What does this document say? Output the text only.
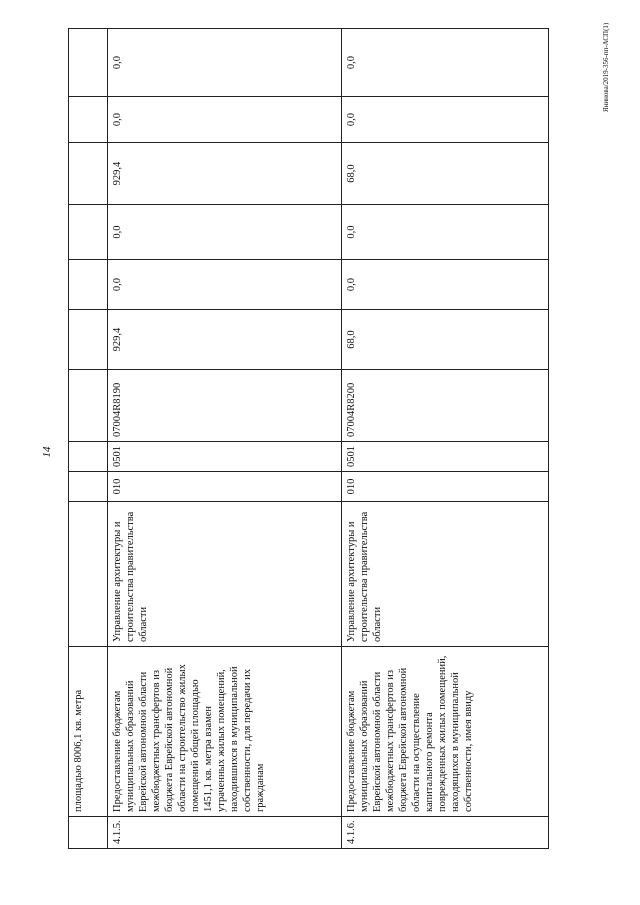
14
Янинова/2019-356-пп-АСП(1)
	площадью 8006,1 кв. метра										
4.1.5.	Предоставление бюджетам муниципальных образований Еврейской автономной области межбюджетных трансфертов из бюджета Еврейской автономной области на строительство жилых помещений общей площадью 1451,1 кв. метра взамен утраченных жилых помещений, находившихся в муниципальной собственности, для передачи их гражданам	Управление архитектуры и строительства правительства области	010	0501	07004R8190	929,4	0,0	0,0	929,4	0,0	0,0
4.1.6.	Предоставление бюджетам муниципальных образований Еврейской автономной области межбюджетных трансфертов из бюджета Еврейской автономной области на осуществление капитального ремонта поврежденных жилых помещений, находящихся в муниципальной собственности, имея ввиду	Управление архитектуры и строительства правительства области	010	0501	07004R8200	68,0	0,0	0,0	68,0	0,0	0,0
